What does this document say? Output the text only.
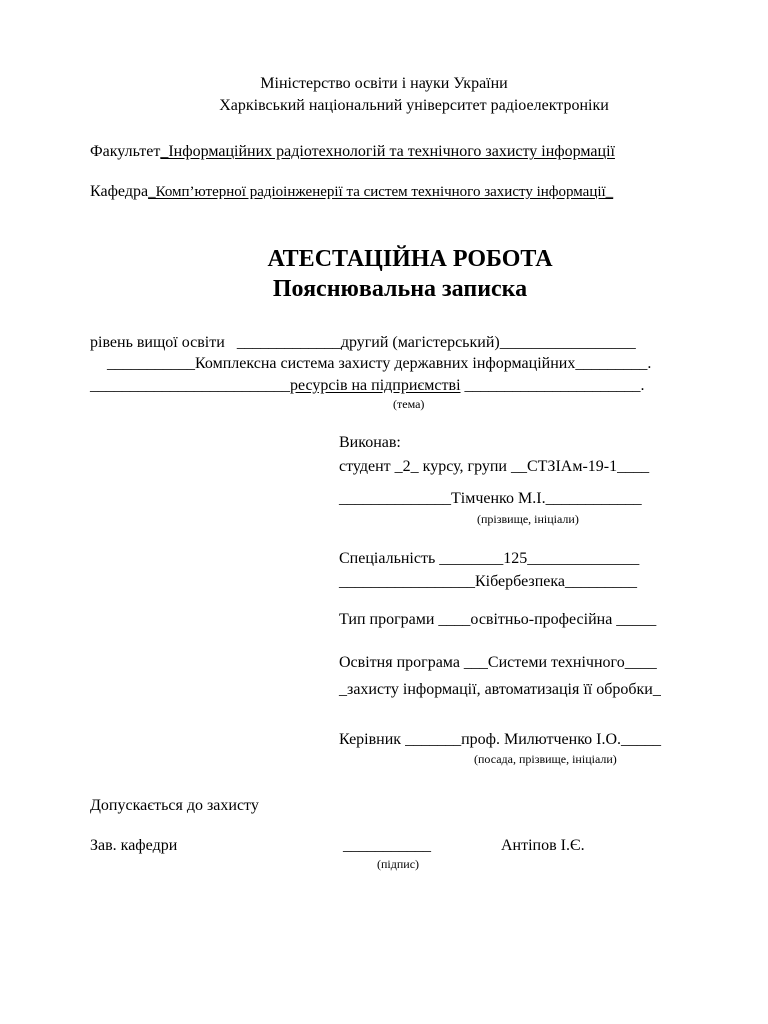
Міністерство освіти і науки України
Харківський національний університет радіоелектроніки
Факультет_Інформаційних радіотехнологій та технічного захисту інформації
Кафедра_Комп’ютерної радіоінженерії та систем технічного захисту інформації_
АТЕСТАЦІЙНА РОБОТА
Пояснювальна записка
рівень вищої освіти _____________другий (магістерський)_________________
___________Комплексна система захисту державних інформаційних_________.
_________________________ресурсів на підприємстві ______________________.
(тема)
Виконав:
студент _2_ курсу, групи __СТЗІАм-19-1____
______________Тімченко М.І.____________
(прізвище, ініціали)
Спеціальність ________125______________
_________________Кібербезпека_________
Тип програми ____освітньо-професійна _____
Освітня програма ___Системи технічного____
_захисту інформації, автоматизація її обробки_
Керівник _______проф. Милютченко І.О._____
(посада, прізвище, ініціали)
Допускається до захисту
Зав. кафедри	___________
(підпис)
Антіпов І.Є.
